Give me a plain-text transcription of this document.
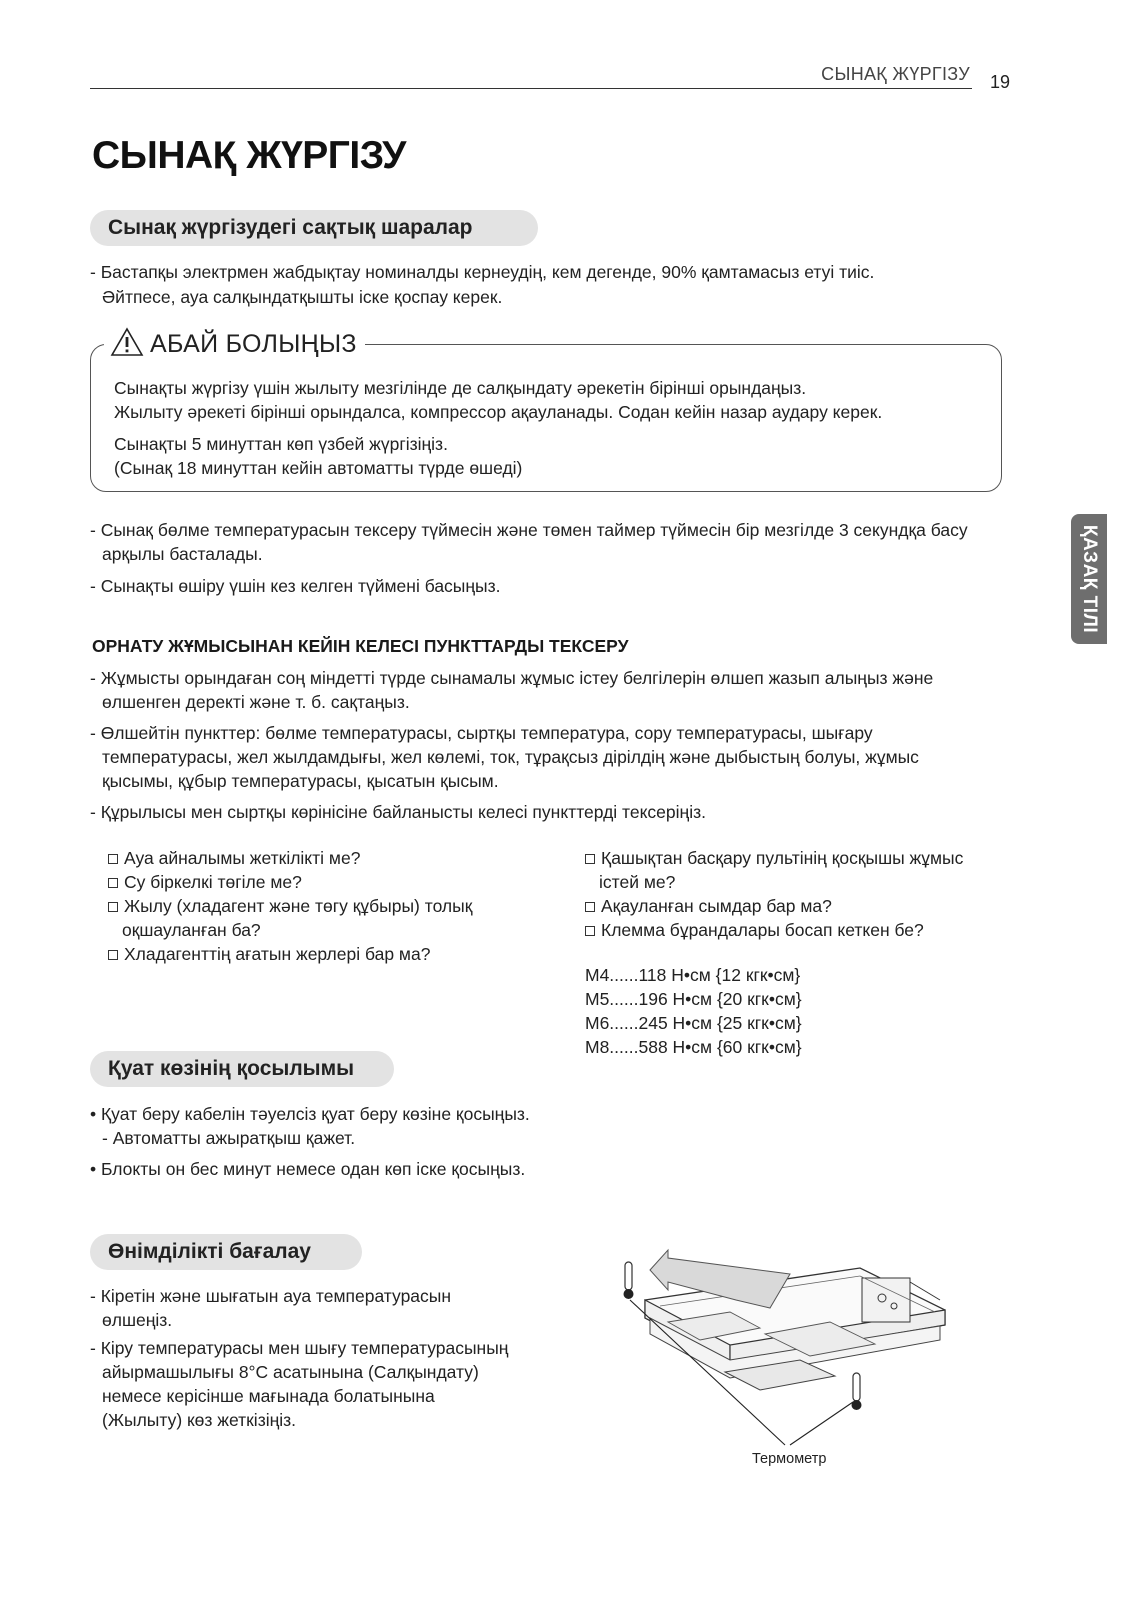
СЫНАҚ ЖҮРГІЗУ 19
ҚАЗАҚ ТІЛІ
СЫНАҚ ЖҮРГІЗУ
Сынақ жүргізудегі сақтық шаралар
- Бастапқы электрмен жабдықтау номиналды кернеудің, кем дегенде, 90% қамтамасыз етуі тиіс.
Әйтпесе, ауа салқындатқышты іске қоспау керек.
АБАЙ БОЛЫҢЫЗ
Сынақты жүргізу үшін жылыту мезгілінде де салқындату әрекетін бірінші орындаңыз.
Жылыту әрекеті бірінші орындалса, компрессор ақауланады. Содан кейін назар аудару керек.
Сынақты 5 минуттан көп үзбей жүргізіңіз.
(Сынақ 18 минуттан кейін автоматты түрде өшеді)
- Сынақ бөлме температурасын тексеру түймесін және төмен таймер түймесін бір мезгілде 3 секундқа басу
арқылы басталады.
- Сынақты өшіру үшін кез келген түймені басыңыз.
ОРНАТУ ЖҰМЫСЫНАН КЕЙІН КЕЛЕСІ ПУНКТТАРДЫ ТЕКСЕРУ
- Жұмысты орындаған соң міндетті түрде сынамалы жұмыс істеу белгілерін өлшеп жазып алыңыз және
өлшенген деректі және т. б. сақтаңыз.
- Өлшейтін пункттер: бөлме температурасы, сыртқы температура, сору температурасы, шығару
температурасы, жел жылдамдығы, жел көлемі, ток, тұрақсыз дірілдің және дыбыстың болуы, жұмыс
қысымы, құбыр температурасы, қысатын қысым.
- Құрылысы мен сыртқы көрінісіне байланысты келесі пункттерді тексеріңіз.
Ауа айналымы жеткілікті ме?
Су біркелкі төгіле ме?
Жылу (хладагент және төгу құбыры) толық
оқшауланған ба?
Хладагенттің ағатын жерлері бар ма?
Қашықтан басқару пультінің қосқышы жұмыс
істей ме?
Ақауланған сымдар бар ма?
Клемма бұрандалары босап кеткен бе?
M4......118 Н•см {12 кгк•см}
M5......196 Н•см {20 кгк•см}
M6......245 Н•см {25 кгк•см}
M8......588 Н•см {60 кгк•см}
Қуат көзінің қосылымы
• Қуат беру кабелін тәуелсіз қуат беру көзіне қосыңыз.
- Автоматты ажыратқыш қажет.
• Блокты он бес минут немесе одан көп іске қосыңыз.
Өнімділікті бағалау
- Кіретін және шығатын ауа температурасын
өлшеңіз.
- Кіру температурасы мен шығу температурасының
айырмашылығы 8°C асатынына (Салқындату)
немесе керісінше мағынада болатынына
(Жылыту) көз жеткізіңіз.
Термометр
